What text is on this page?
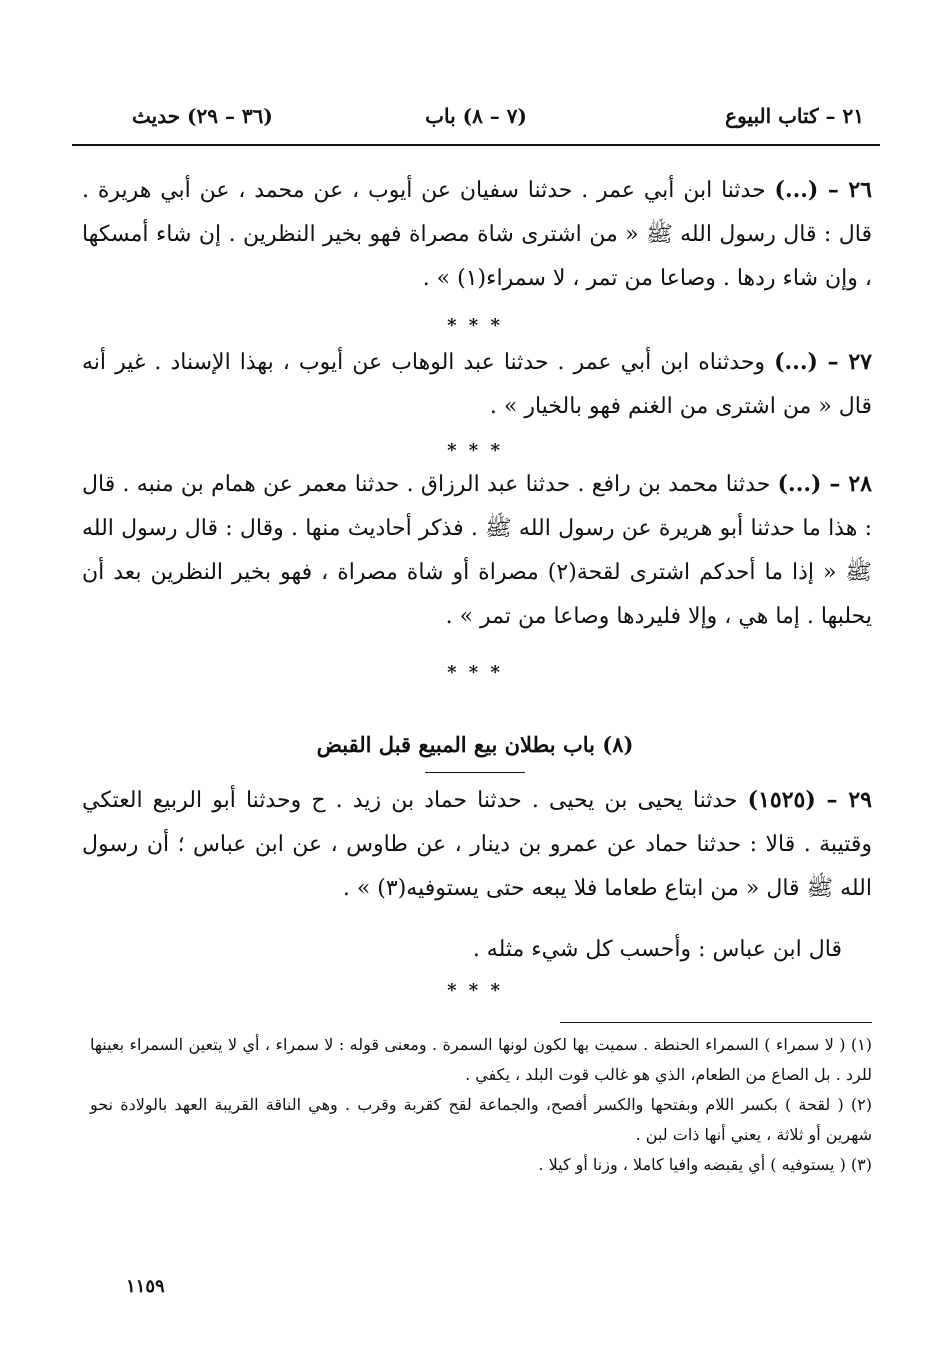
٢١ – كتاب البيوع
(٧ – ٨) باب
(٣٦ – ٢٩) حديث
٢٦ – (...) حدثنا ابن أبي عمر . حدثنا سفيان عن أيوب ، عن محمد ، عن أبي هريرة . قال : قال رسول الله ﷺ « من اشترى شاة مصراة فهو بخير النظرين . إن شاء أمسكها ، وإن شاء ردها . وصاعا من تمر ، لا سمراء(١) » .
* * *
٢٧ – (...) وحدثناه ابن أبي عمر . حدثنا عبد الوهاب عن أيوب ، بهذا الإسناد . غير أنه قال « من اشترى من الغنم فهو بالخيار » .
* * *
٢٨ – (...) حدثنا محمد بن رافع . حدثنا عبد الرزاق . حدثنا معمر عن همام بن منبه . قال : هذا ما حدثنا أبو هريرة عن رسول الله ﷺ . فذكر أحاديث منها . وقال : قال رسول الله ﷺ « إذا ما أحدكم اشترى لقحة(٢) مصراة أو شاة مصراة ، فهو بخير النظرين بعد أن يحلبها . إما هي ، وإلا فليردها وصاعا من تمر » .
* * *
(٨) باب بطلان بيع المبيع قبل القبض
٢٩ – (١٥٢٥) حدثنا يحيى بن يحيى . حدثنا حماد بن زيد . ح وحدثنا أبو الربيع العتكي وقتيبة . قالا : حدثنا حماد عن عمرو بن دينار ، عن طاوس ، عن ابن عباس ؛ أن رسول الله ﷺ قال « من ابتاع طعاما فلا يبعه حتى يستوفيه(٣) » .
قال ابن عباس : وأحسب كل شيء مثله .
* * *

(١) ( لا سمراء ) السمراء الحنطة . سميت بها لكون لونها السمرة . ومعنى قوله : لا سمراء ، أي لا يتعين السمراء بعينها للرد . بل الصاع من الطعام، الذي هو غالب قوت البلد ، يكفي .

(٢) ( لقحة ) بكسر اللام وبفتحها والكسر أفصح، والجماعة لقح كقربة وقرب . وهي الناقة القريبة العهد بالولادة نحو شهرين أو ثلاثة ، يعني أنها ذات لبن .

(٣) ( يستوفيه ) أي يقبضه وافيا كاملا ، وزنا أو كيلا .

١١٥٩
